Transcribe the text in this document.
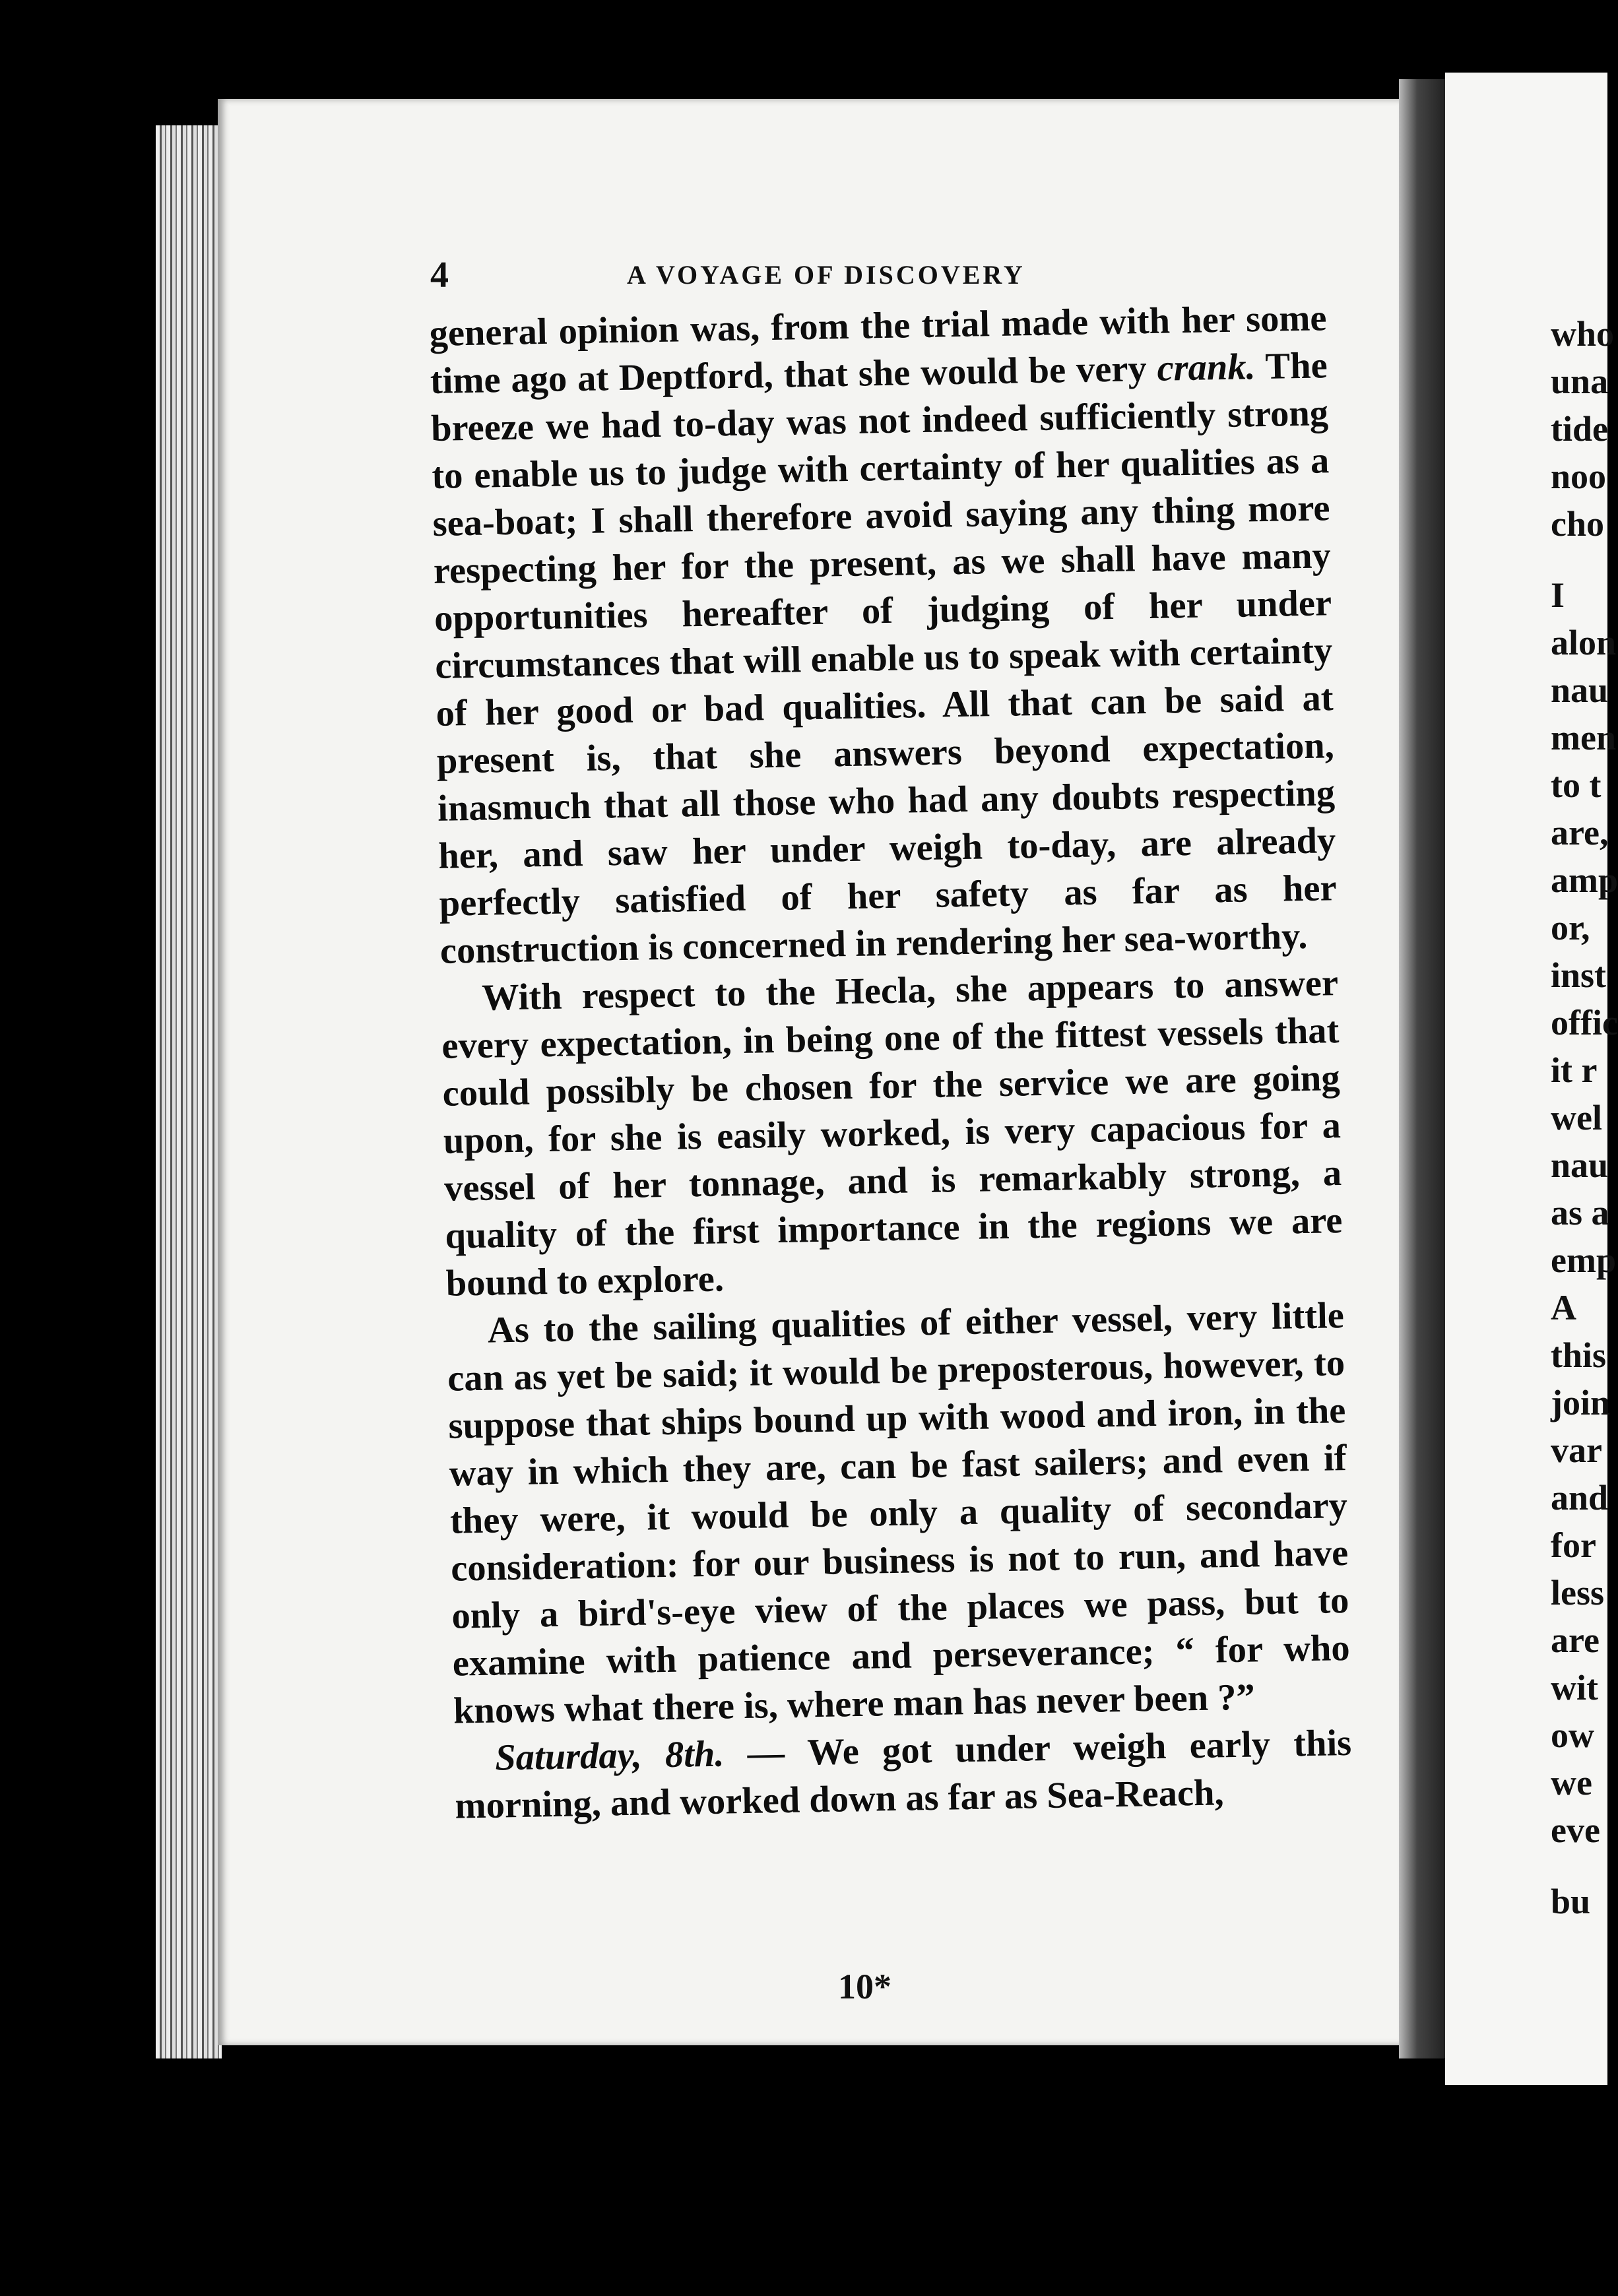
4	A VOYAGE OF DISCOVERY

general opinion was, from the trial made with her some time ago at Deptford, that she would be very crank. The breeze we had to-day was not indeed sufficiently strong to enable us to judge with certainty of her qualities as a sea-boat; I shall therefore avoid saying any thing more respecting her for the present, as we shall have many opportunities hereafter of judging of her under circumstances that will enable us to speak with certainty of her good or bad qualities. All that can be said at present is, that she answers beyond expectation, inasmuch that all those who had any doubts respecting her, and saw her under weigh to-day, are already perfectly satisfied of her safety as far as her construction is concerned in rendering her sea-worthy.

With respect to the Hecla, she appears to answer every expectation, in being one of the fittest vessels that could possibly be chosen for the service we are going upon, for she is easily worked, is very capacious for a vessel of her tonnage, and is remarkably strong, a quality of the first importance in the regions we are bound to explore.

As to the sailing qualities of either vessel, very little can as yet be said; it would be preposterous, however, to suppose that ships bound up with wood and iron, in the way in which they are, can be fast sailers; and even if they were, it would be only a quality of secondary consideration: for our business is not to run, and have only a bird's-eye view of the places we pass, but to examine with patience and perseverance; “ for who knows what there is, where man has never been ?”

Saturday, 8th. — We got under weigh early this morning, and worked down as far as Sea-Reach,

10*
who
una
tide
noo
cho
I
alon
nau
men
to t
are,
amp
or,
inst
offic
it r
wel
nau
as a
emp
A
this
join
var
and
for
less
are
wit
ow
we
eve
bu
